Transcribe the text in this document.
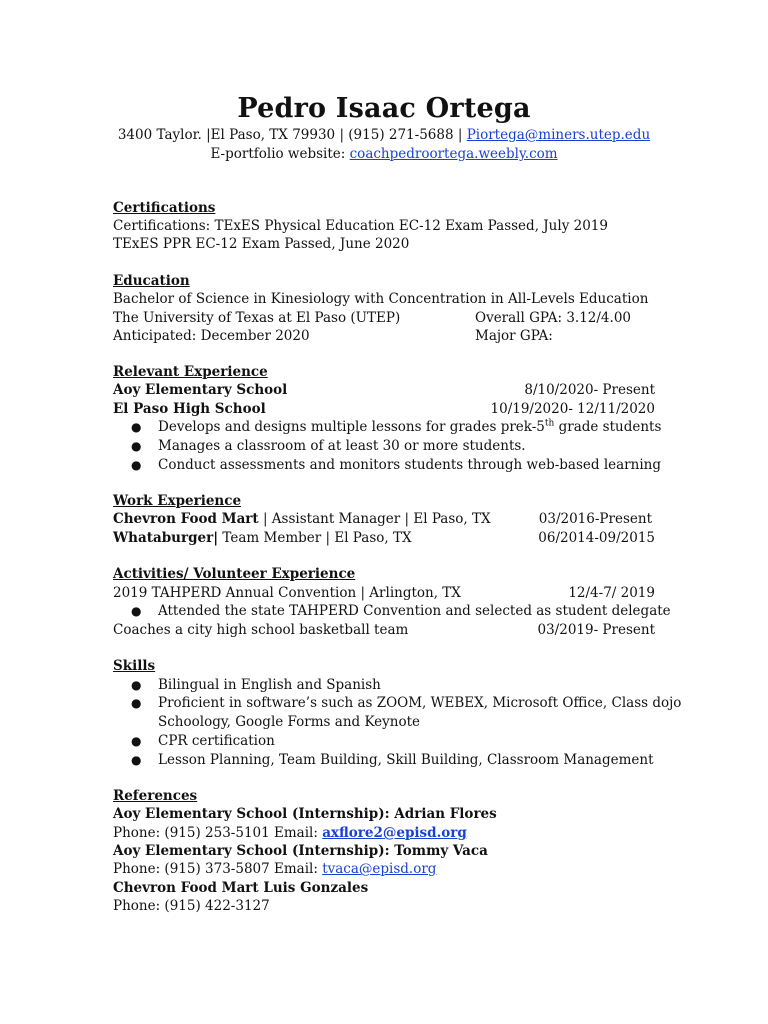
Pedro Isaac Ortega
3400 Taylor. |El Paso, TX 79930 | (915) 271-5688 | Piortega@miners.utep.edu
E-portfolio website: coachpedroortega.weebly.com
Certifications
Certifications: TExES Physical Education EC-12 Exam Passed, July 2019
TExES PPR EC-12 Exam Passed, June 2020
Education
Bachelor of Science in Kinesiology with Concentration in All-Levels Education
The University of Texas at El Paso (UTEP)	Overall GPA: 3.12/4.00
Anticipated: December 2020	Major GPA:
Relevant Experience
Aoy Elementary School	8/10/2020- Present
El Paso High School	10/19/2020- 12/11/2020
● Develops and designs multiple lessons for grades prek-5th grade students
● Manages a classroom of at least 30 or more students.
● Conduct assessments and monitors students through web-based learning
Work Experience
Chevron Food Mart | Assistant Manager | El Paso, TX	03/2016-Present
Whataburger| Team Member | El Paso, TX	06/2014-09/2015
Activities/ Volunteer Experience
2019 TAHPERD Annual Convention | Arlington, TX	12/4-7/ 2019
● Attended the state TAHPERD Convention and selected as student delegate
Coaches a city high school basketball team	03/2019- Present
Skills
● Bilingual in English and Spanish
● Proficient in software’s such as ZOOM, WEBEX, Microsoft Office, Class dojo
Schoology, Google Forms and Keynote
● CPR certification
● Lesson Planning, Team Building, Skill Building, Classroom Management
References
Aoy Elementary School (Internship): Adrian Flores
Phone: (915) 253-5101 Email: axflore2@episd.org
Aoy Elementary School (Internship): Tommy Vaca
Phone: (915) 373-5807 Email: tvaca@episd.org
Chevron Food Mart Luis Gonzales
Phone: (915) 422-3127
